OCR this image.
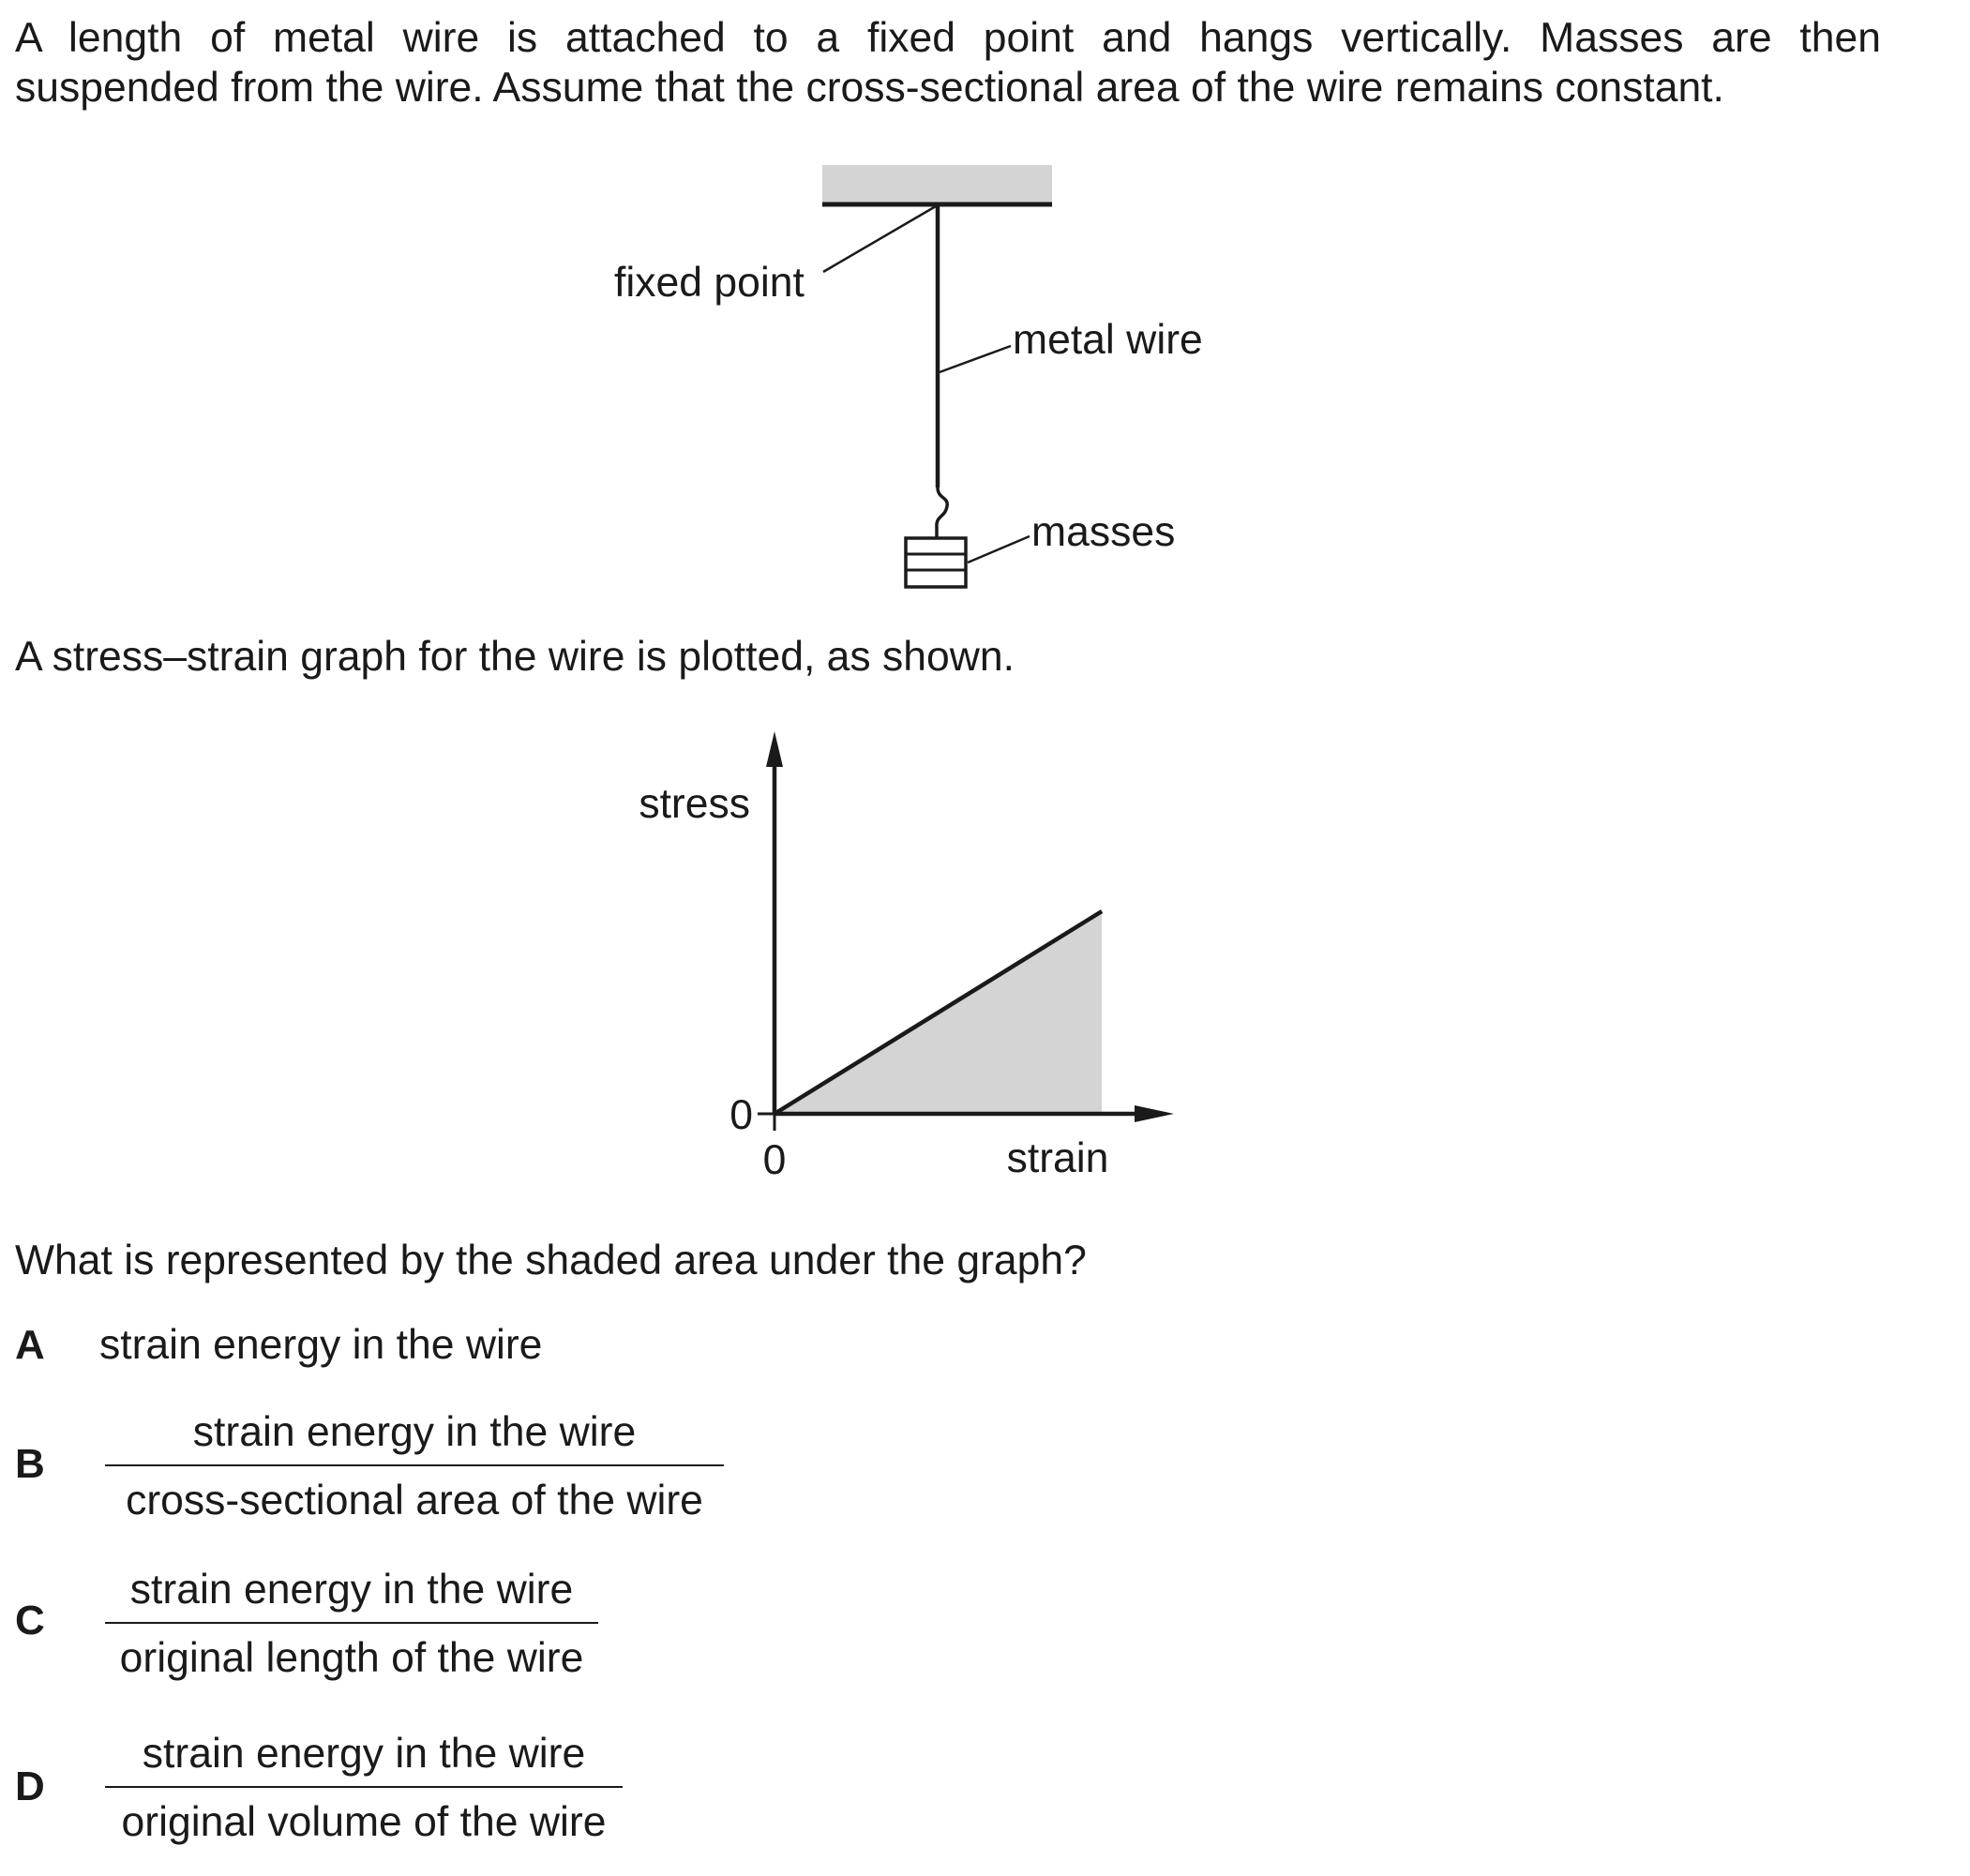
A length of metal wire is attached to a fixed point and hangs vertically. Masses are then
suspended from the wire. Assume that the cross-sectional area of the wire remains constant.

fixed point
metal wire
masses

A stress–strain graph for the wire is plotted, as shown.

stress
strain
0
0

What is represented by the shaded area under the graph?

A strain energy in the wire
B
strain energy in the wire
cross-sectional area of the wire
C
strain energy in the wire
original length of the wire
D
strain energy in the wire
original volume of the wire
